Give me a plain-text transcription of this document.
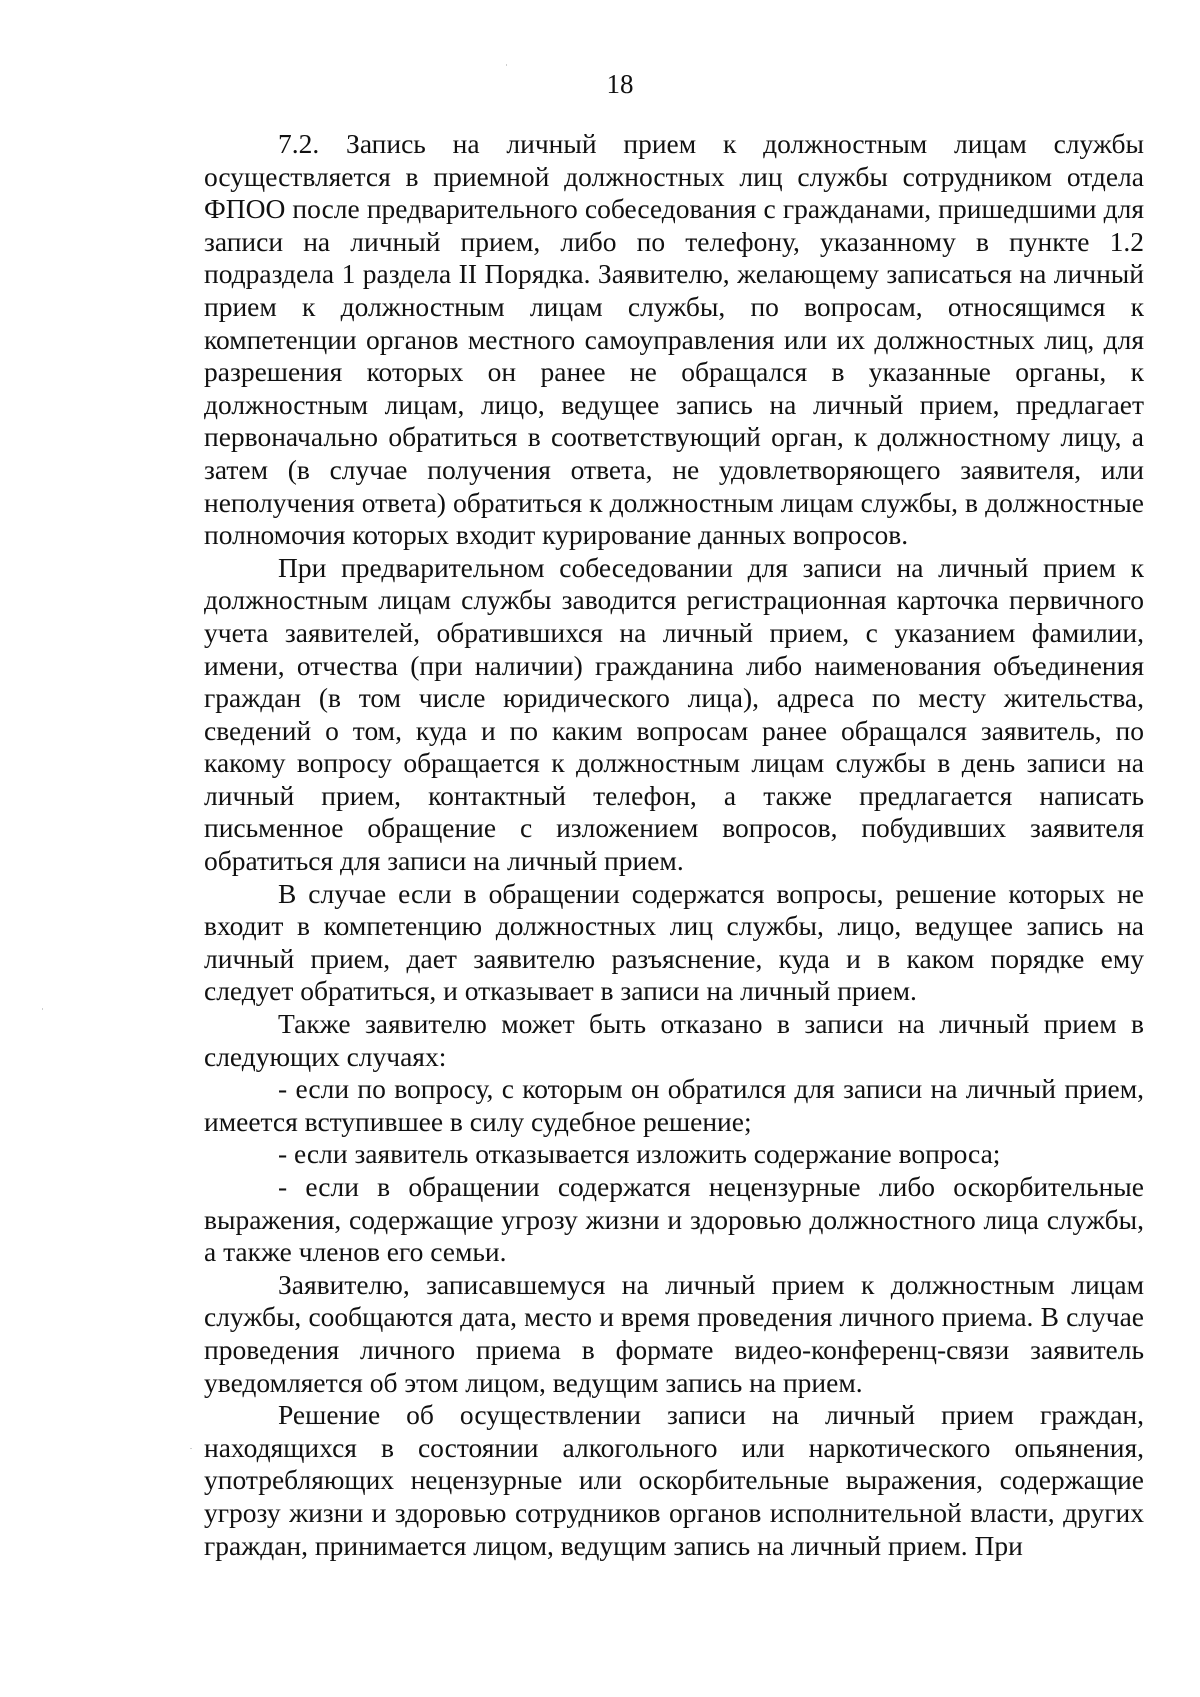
18

7.2. Запись на личный прием к должностным лицам службы осуществляется в приемной должностных лиц службы сотрудником отдела ФПОО после предварительного собеседования с гражданами, пришедшими для записи на личный прием, либо по телефону, указанному в пункте 1.2 подраздела 1 раздела II Порядка. Заявителю, желающему записаться на личный прием к должностным лицам службы, по вопросам, относящимся к компетенции органов местного самоуправления или их должностных лиц, для разрешения которых он ранее не обращался в указанные органы, к должностным лицам, лицо, ведущее запись на личный прием, предлагает первоначально обратиться в соответствующий орган, к должностному лицу, а затем (в случае получения ответа, не удовлетворяющего заявителя, или неполучения ответа) обратиться к должностным лицам службы, в должностные полномочия которых входит курирование данных вопросов.

При предварительном собеседовании для записи на личный прием к должностным лицам службы заводится регистрационная карточка первичного учета заявителей, обратившихся на личный прием, с указанием фамилии, имени, отчества (при наличии) гражданина либо наименования объединения граждан (в том числе юридического лица), адреса по месту жительства, сведений о том, куда и по каким вопросам ранее обращался заявитель, по какому вопросу обращается к должностным лицам службы в день записи на личный прием, контактный телефон, а также предлагается написать письменное обращение с изложением вопросов, побудивших заявителя обратиться для записи на личный прием.

В случае если в обращении содержатся вопросы, решение которых не входит в компетенцию должностных лиц службы, лицо, ведущее запись на личный прием, дает заявителю разъяснение, куда и в каком порядке ему следует обратиться, и отказывает в записи на личный прием.

Также заявителю может быть отказано в записи на личный прием в следующих случаях:

- если по вопросу, с которым он обратился для записи на личный прием, имеется вступившее в силу судебное решение;

- если заявитель отказывается изложить содержание вопроса;

- если в обращении содержатся нецензурные либо оскорбительные выражения, содержащие угрозу жизни и здоровью должностного лица службы, а также членов его семьи.

Заявителю, записавшемуся на личный прием к должностным лицам службы, сообщаются дата, место и время проведения личного приема. В случае проведения личного приема в формате видео-конференц-связи заявитель уведомляется об этом лицом, ведущим запись на прием.

Решение об осуществлении записи на личный прием граждан, находящихся в состоянии алкогольного или наркотического опьянения, употребляющих нецензурные или оскорбительные выражения, содержащие угрозу жизни и здоровью сотрудников органов исполнительной власти, других граждан, принимается лицом, ведущим запись на личный прием. При
